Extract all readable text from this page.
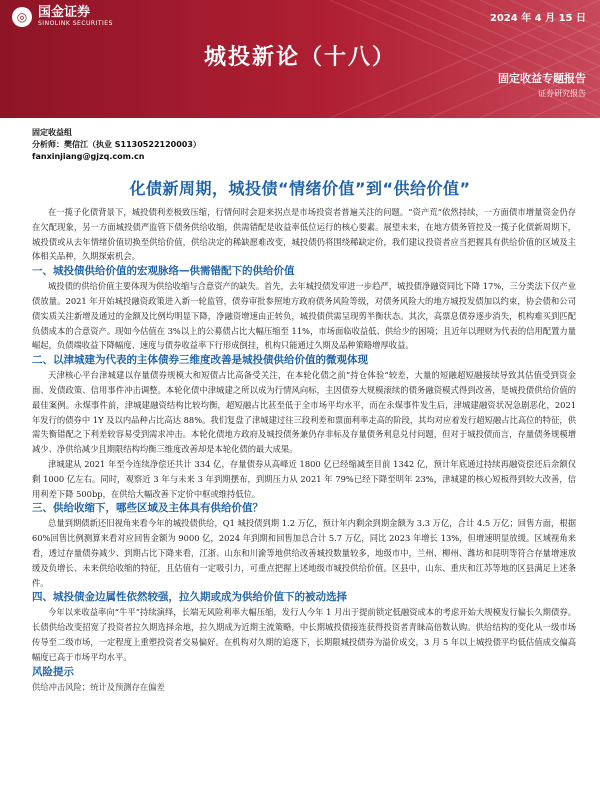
◎ 国金证券
SINOLINK SECURITIES	2024 年 4 月 15 日
城投新论（十八）
固定收益专题报告
证券研究报告
固定收益组
分析师：樊信江（执业 S1130522120003）
fanxinjiang@gjzq.com.cn
化债新周期，城投债“情绪价值”到“供给价值”

在一揽子化债背景下，城投债利差极致压缩，行情何时会迎来拐点是市场投资者普遍关注的问题。“资产荒”依然持续，一方面债市增量资金仍存在欠配现象，另一方面城投债严监管下债务供给收缩，供需错配是收益率低位运行的核心要素。展望未来，在地方债务管控及一揽子化债新周期下，城投债或从去年情绪价值切换至供给价值，供给决定的稀缺愿难改变，城投债仍将围绕稀缺定价，我们建议投资者应当把握具有供给价值的区域及主体相关品种，久期探索机会。

一、城投债供给价值的宏观脉络—供需错配下的供给价值

城投债的供给价值主要体现为供给收缩与合意资产的缺失。首先，去年城投债发审进一步趋严，城投债净融资同比下降 17%，三分类法下仅产业债放量。2021 年开始城投融资政策进入新一轮监管，债券审批参照地方政府债务风险等级，对债务风险大的地方城投发债加以约束，协会债和公司债实质关注新增及通过的金额及比例均明显下降，净融资增速由正转负，城投债供需呈现剪半衡状态。其次，高票息债券逐步消失，机构难买到匹配负债成本的合意资产。现如今估值在 3%以上的公募债占比大幅压缩至 11%，市场面临收益低、供给少的困境；且近年以理财为代表的信用配置力量崛起，负债端收益下降幅度、速度与债券收益率下行形成倒挂，机构只能通过久期及品种策略增厚收益。

二、以津城建为代表的主体债券三维度改善是城投债供给价值的微观体现

天津核心平台津城建以存量债券规模大和短债占比高备受关注，在本轮化债之前“持仓体验”较差，大量的短融超短融接续导致其估值受到资金面、发债政策、信用事件冲击调整。本轮化债中津城建之所以成为行情风向标，主因债券大规模滚续的债务融资模式得到改善，是城投债供给价值的最佳案例。永煤事件前，津城建融资结构比较均衡，超短融占比甚至低于全市场平均水平，而在永煤事件发生后，津城建融资状况急剧恶化，2021 年发行的债券中 1Y 及以内品种占比高达 88%。我们复盘了津城建过往三段利差和票面利率走高的阶段，其均对应着发行超短融占比高位的特征，供需失衡错配之下利差较容易受到需求冲击。本轮化债地方政府及城投债务兼仍存非标及存量债务利息兑付问题，但对于城投债而言，存量债务规模增减少、净供给减少且期限结构均衡三维度改善却是本轮化债的最大成果。

津城建从 2021 年至今连续净偿还共计 334 亿，存量债券从高峰近 1800 亿已经缩减至目前 1342 亿，预计年底通过持续再融资偿还后余额仅剩 1000 亿左右。同时，观察近 3 年与未来 3 年到期摆布，到期压力从 2021 年 79%已经下降至明年 23%，津城建的核心短板得到较大改善，信用利差下降 500bp，在供给大幅改善下定价中枢或维持低位。

三、供给收缩下，哪些区域及主体具有供给价值？

总量到期债新还旧视角来看今年的城投债供给，Q1 城投债到期 1.2 万亿，预计年内剩余到期金额为 3.3 万亿，合计 4.5 万亿；回售方面，根据 60%回售比例测算来看对应回售金额为 9000 亿，2024 年到期和回售加总合计 5.7 万亿，同比 2023 年增长 13%，但增速明显放缓。区域视角来看，透过存量债券减少、到期占比下降来看，江浙、山东和川渝等地供给改善城投数量较多，地级市中，兰州、柳州、潍坊和昆明等符合存量增速放缓及负增长、未来供给收缩的特征，且估值有一定吸引力，可重点把握上述地级市城投供给价值。区县中，山东、重庆和江苏等地的区县满足上述条件。

四、城投债金边属性依然较强，拉久期或成为供给价值下的被动选择

今年以来收益率向“牛平”持续演绎，长端无风险利率大幅压缩，发行人今年 1 月出于提前锁定低融资成本的考虑开始大规模发行偏长久期债券。长债供给改变招宽了投资者拉久期选择余地，拉久期成为近期主流策略，中长期城投债接连获得投资者青睐高倍数认购。供给结构的变化从一级市场传导至二级市场，一定程度上重塑投资者交易偏好。在机构对久期的追逐下，长期限城投债券为溢价成交，3 月 5 年以上城投债平均低估值成交偏高幅度已高于市场平均水平。

风险提示

供给冲击风险；统计及预测存在偏差
